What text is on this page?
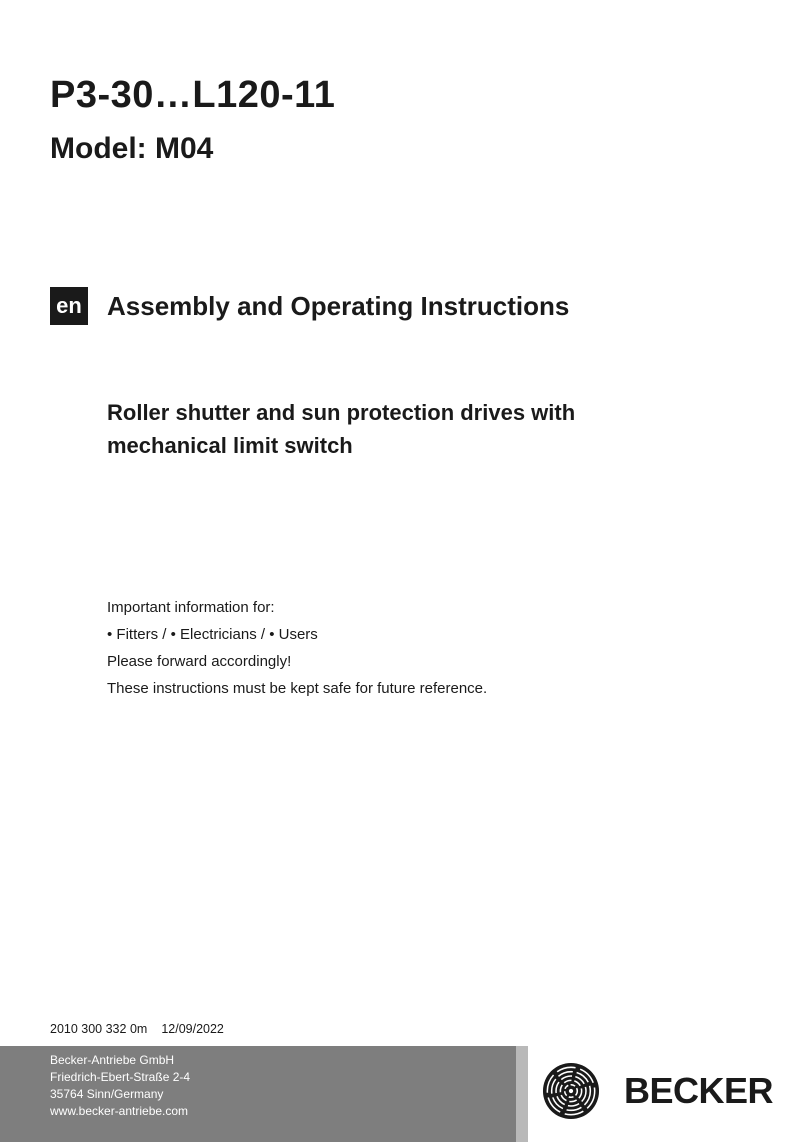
P3-30…L120-11
Model: M04
en Assembly and Operating Instructions
Roller shutter and sun protection drives with
mechanical limit switch
Important information for:
• Fitters / • Electricians / • Users
Please forward accordingly!
These instructions must be kept safe for future reference.
2010 300 332 0m 12/09/2022
Becker-Antriebe GmbH
Friedrich-Ebert-Straße 2-4
35764 Sinn/Germany
www.becker-antriebe.com	BECKER
